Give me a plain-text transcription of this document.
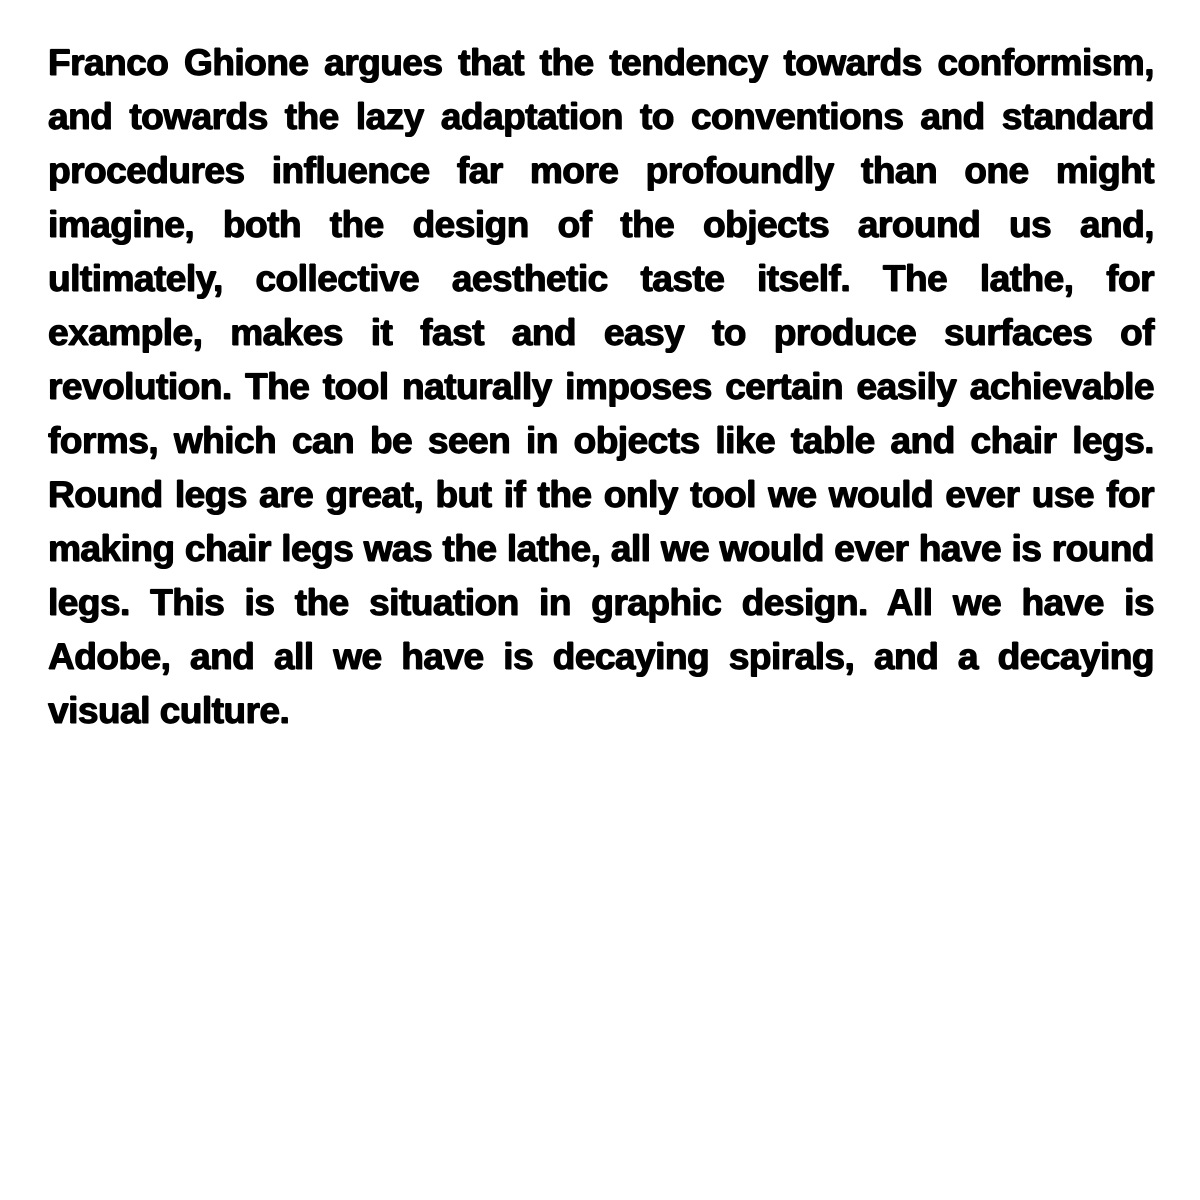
Franco Ghione argues that the tendency towards conformism, and towards the lazy adaptation to conventions and standard procedures influence far more profoundly than one might imagine, both the design of the objects around us and, ultimately, collective aesthetic taste itself. The lathe, for example, makes it fast and easy to produce surfaces of revolution. The tool naturally imposes certain easily achievable forms, which can be seen in objects like table and chair legs. Round legs are great, but if the only tool we would ever use for making chair legs was the lathe, all we would ever have is round legs. This is the situation in graphic design. All we have is Adobe, and all we have is decaying spirals, and a decaying visual culture.
